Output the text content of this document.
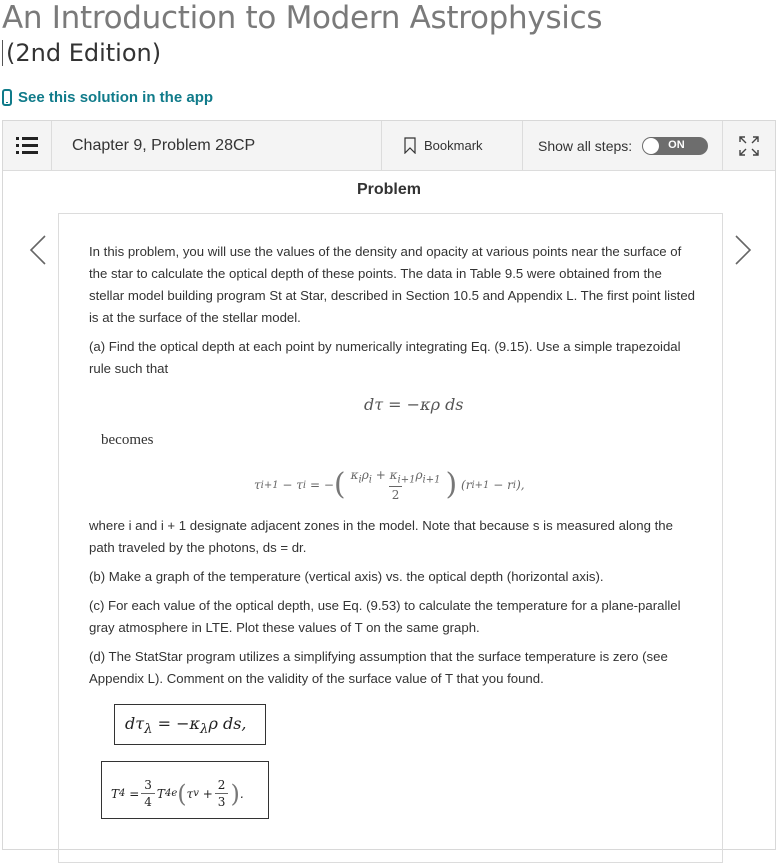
An Introduction to Modern Astrophysics
(2nd Edition)
See this solution in the app
Chapter 9, Problem 28CP	Bookmark	Show all steps:	ON
Problem
In this problem, you will use the values of the density and opacity at various points near the surface of the star to calculate the optical depth of these points. The data in Table 9.5 were obtained from the stellar model building program St at Star, described in Section 10.5 and Appendix L. The first point listed is at the surface of the stellar model.
(a) Find the optical depth at each point by numerically integrating Eq. (9.15). Use a simple trapezoidal rule such that
dτ = −κρ ds
becomes
τ i+1 − τ i
= − ( $\frac{\kappa_i\rho_i + \kappa_{i+1}\rho_{i+1}}{2}$ )
(r i+1
− r i ),
where i and i + 1 designate adjacent zones in the model. Note that because s is measured along the path traveled by the photons, ds = dr.
(b) Make a graph of the temperature (vertical axis) vs. the optical depth (horizontal axis).
(c) For each value of the optical depth, use Eq. (9.53) to calculate the temperature for a plane-parallel gray atmosphere in LTE. Plot these values of T on the same graph.
(d) The StatStar program utilizes a simplifying assumption that the surface temperature is zero (see Appendix L). Comment on the validity of the surface value of T that you found.
$d\tau_\lambda = -\kappa_\lambda\rho$ ds,
T 4
= $\frac{3}{4}$ T 4 e ( τ v
+ $\frac{2}{3}$ ) .
